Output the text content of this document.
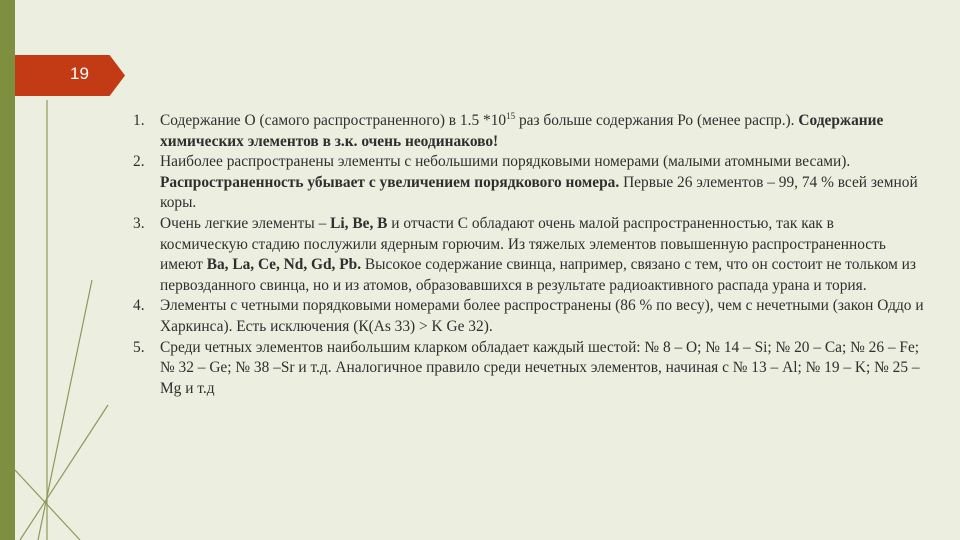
19
1. Содержание О (самого распространенного) в 1.5 $*10^{15}$ раз больше содержания Ро (менее распр.). Содержание химических элементов в з.к. очень неодинаково!
2. Наиболее распространены элементы с небольшими порядковыми номерами (малыми атомными весами). Распространенность убывает с увеличением порядкового номера. Первые 26 элементов – 99, 74 % всей земной коры.
3. Очень легкие элементы – Li, Be, B и отчасти С обладают очень малой распространенностью, так как в космическую стадию послужили ядерным горючим. Из тяжелых элементов повышенную распространенность имеют Ba, La, Ce, Nd, Gd, Pb. Высокое содержание свинца, например, связано с тем, что он состоит не тольком из первозданного свинца, но и из атомов, образовавшихся в результате радиоактивного распада урана и тория.
4. Элементы с четными порядковыми номерами более распространены (86 % по весу), чем с нечетными (закон Оддо и Харкинса). Есть исключения (К(As 33) > K Ge 32).
5. Среди четных элементов наибольшим кларком обладает каждый шестой: № 8 – О; № 14 – Si; № 20 – Са; № 26 – Fe; № 32 – Ge; № 38 –Sr и т.д. Аналогичное правило среди нечетных элементов, начиная с № 13 – Al; № 19 – K; № 25 – Mg и т.д
